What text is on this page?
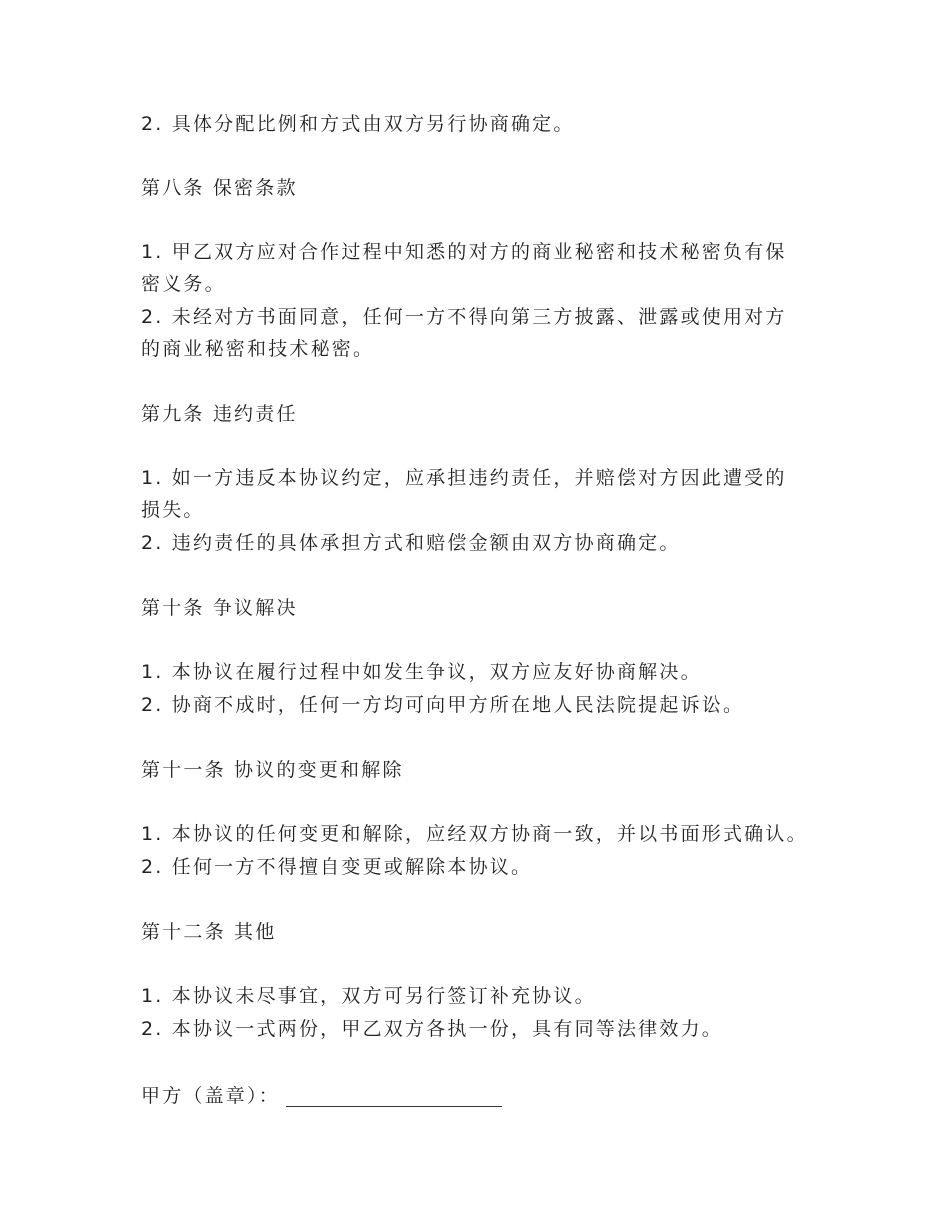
2. 具体分配比例和方式由双方另行协商确定。
第八条 保密条款
1. 甲乙双方应对合作过程中知悉的对方的商业秘密和技术秘密负有保
密义务。
2. 未经对方书面同意，任何一方不得向第三方披露、泄露或使用对方
的商业秘密和技术秘密。
第九条 违约责任
1. 如一方违反本协议约定，应承担违约责任，并赔偿对方因此遭受的
损失。
2. 违约责任的具体承担方式和赔偿金额由双方协商确定。
第十条 争议解决
1. 本协议在履行过程中如发生争议，双方应友好协商解决。
2. 协商不成时，任何一方均可向甲方所在地人民法院提起诉讼。
第十一条 协议的变更和解除
1. 本协议的任何变更和解除，应经双方协商一致，并以书面形式确认。
2. 任何一方不得擅自变更或解除本协议。
第十二条 其他
1. 本协议未尽事宜，双方可另行签订补充协议。
2. 本协议一式两份，甲乙双方各执一份，具有同等法律效力。
甲方（盖章）：
